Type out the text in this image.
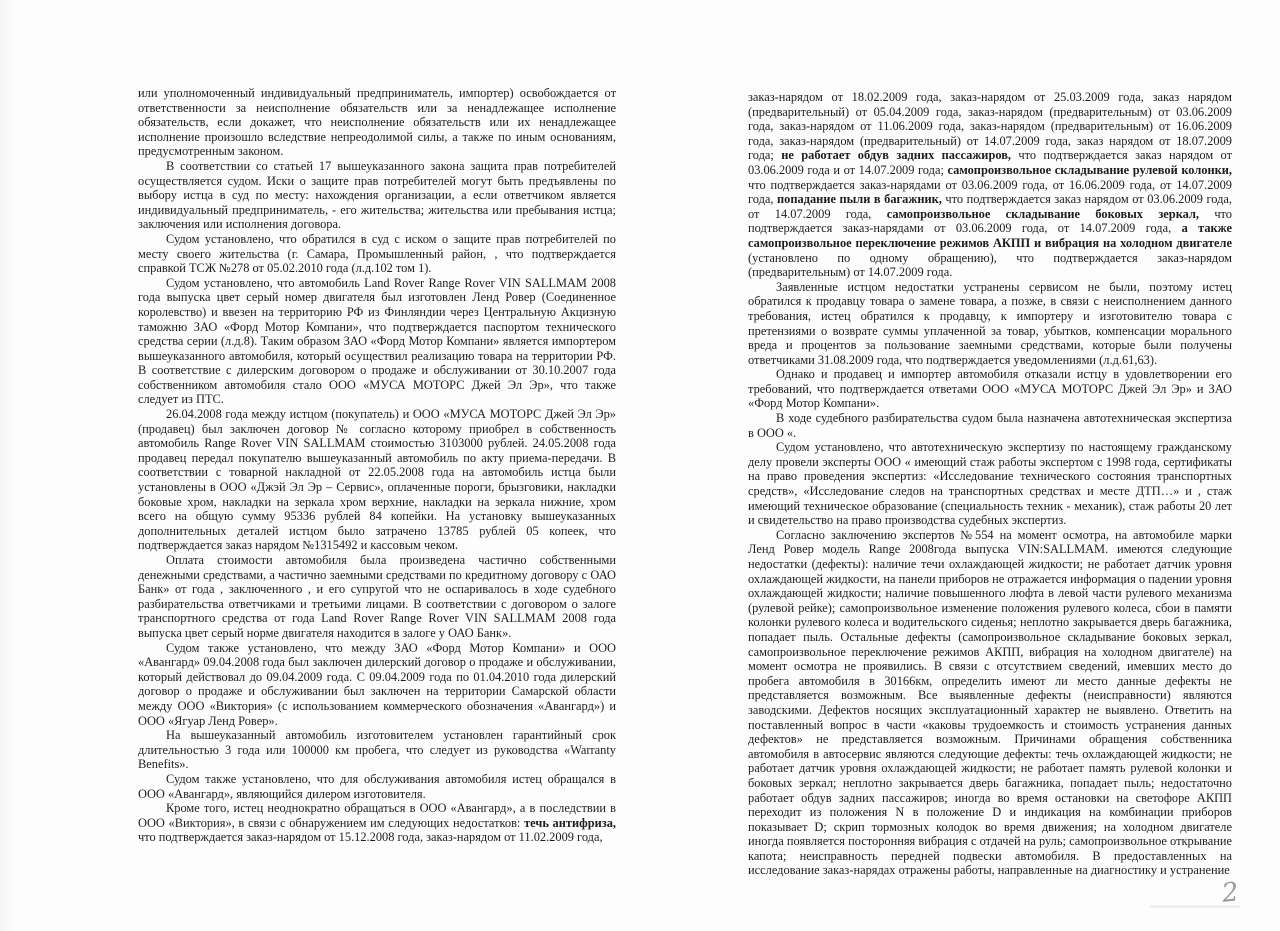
или уполномоченный индивидуальный предприниматель, импортер) освобождается от ответственности за неисполнение обязательств или за ненадлежащее исполнение обязательств, если докажет, что неисполнение обязательств или их ненадлежащее исполнение произошло вследствие непреодолимой силы, а также по иным основаниям, предусмотренным законом.

В соответствии со статьей 17 вышеуказанного закона защита прав потребителей осуществляется судом. Иски о защите прав потребителей могут быть предъявлены по выбору истца в суд по месту: нахождения организации, а если ответчиком является индивидуальный предприниматель, - его жительства; жительства или пребывания истца; заключения или исполнения договора.

Судом установлено, что обратился в суд с иском о защите прав потребителей по месту своего жительства (г. Самара, Промышленный район, , что подтверждается справкой ТСЖ №278 от 05.02.2010 года (л.д.102 том 1).

Судом установлено, что автомобиль Land Rover Range Rover VIN SALLMAM 2008 года выпуска цвет серый номер двигателя был изготовлен Ленд Ровер (Соединенное королевство) и ввезен на территорию РФ из Финляндии через Центральную Акцизную таможню ЗАО «Форд Мотор Компани», что подтверждается паспортом технического средства серии (л.д.8). Таким образом ЗАО «Форд Мотор Компани» является импортером вышеуказанного автомобиля, который осуществил реализацию товара на территории РФ. В соответствие с дилерским договором о продаже и обслуживании от 30.10.2007 года собственником автомобиля стало ООО «МУСА МОТОРС Джей Эл Эр», что также следует из ПТС.

26.04.2008 года между истцом (покупатель) и ООО «МУСА МОТОРС Джей Эл Эр» (продавец) был заключен договор № согласно которому приобрел в собственность автомобиль Range Rover VIN SALLMAM стоимостью 3103000 рублей. 24.05.2008 года продавец передал покупателю вышеуказанный автомобиль по акту приема-передачи. В соответствии с товарной накладной от 22.05.2008 года на автомобиль истца были установлены в ООО «Джэй Эл Эр – Сервис», оплаченные пороги, брызговики, накладки боковые хром, накладки на зеркала хром верхние, накладки на зеркала нижние, хром всего на общую сумму 95336 рублей 84 копейки. На установку вышеуказанных дополнительных деталей истцом было затрачено 13785 рублей 05 копеек, что подтверждается заказ нарядом №1315492 и кассовым чеком.

Оплата стоимости автомобиля была произведена частично собственными денежными средствами, а частично заемными средствами по кредитному договору с ОАО Банк» от года , заключенного , и его супругой что не оспаривалось в ходе судебного разбирательства ответчиками и третьими лицами. В соответствии с договором о залоге транспортного средства от года Land Rover Range Rover VIN SALLMAM 2008 года выпуска цвет серый норме двигателя находится в залоге у ОАО Банк».

Судом также установлено, что между ЗАО «Форд Мотор Компани» и ООО «Авангард» 09.04.2008 года был заключен дилерский договор о продаже и обслуживании, который действовал до 09.04.2009 года. С 09.04.2009 года по 01.04.2010 года дилерский договор о продаже и обслуживании был заключен на территории Самарской области между ООО «Виктория» (с использованием коммерческого обозначения «Авангард») и ООО «Ягуар Ленд Ровер».

На вышеуказанный автомобиль изготовителем установлен гарантийный срок длительностью 3 года или 100000 км пробега, что следует из руководства «Warranty Benefits».

Судом также установлено, что для обслуживания автомобиля истец обращался в ООО «Авангард», являющийся дилером изготовителя.

Кроме того, истец неоднократно обращаться в ООО «Авангард», а в последствии в ООО «Виктория», в связи с обнаружением им следующих недостатков: течь антифриза, что подтверждается заказ-нарядом от 15.12.2008 года, заказ-нарядом от 11.02.2009 года,

заказ-нарядом от 18.02.2009 года, заказ-нарядом от 25.03.2009 года, заказ нарядом (предварительный) от 05.04.2009 года, заказ-нарядом (предварительным) от 03.06.2009 года, заказ-нарядом от 11.06.2009 года, заказ-нарядом (предварительным) от 16.06.2009 года, заказ-нарядом (предварительный) от 14.07.2009 года, заказ нарядом от 18.07.2009 года; не работает обдув задних пассажиров, что подтверждается заказ нарядом от 03.06.2009 года и от 14.07.2009 года; самопроизвольное складывание рулевой колонки, что подтверждается заказ-нарядами от 03.06.2009 года, от 16.06.2009 года, от 14.07.2009 года, попадание пыли в багажник, что подтверждается заказ нарядом от 03.06.2009 года, от 14.07.2009 года, самопроизвольное складывание боковых зеркал, что подтверждается заказ-нарядами от 03.06.2009 года, от 14.07.2009 года, а также самопроизвольное переключение режимов АКПП и вибрация на холодном двигателе (установлено по одному обращению), что подтверждается заказ-нарядом (предварительным) от 14.07.2009 года.

Заявленные истцом недостатки устранены сервисом не были, поэтому истец обратился к продавцу товара о замене товара, а позже, в связи с неисполнением данного требования, истец обратился к продавцу, к импортеру и изготовителю товара с претензиями о возврате суммы уплаченной за товар, убытков, компенсации морального вреда и процентов за пользование заемными средствами, которые были получены ответчиками 31.08.2009 года, что подтверждается уведомлениями (л.д.61,63).

Однако и продавец и импортер автомобиля отказали истцу в удовлетворении его требований, что подтверждается ответами ООО «МУСА МОТОРС Джей Эл Эр» и ЗАО «Форд Мотор Компани».

В ходе судебного разбирательства судом была назначена автотехническая экспертиза в ООО «.

Судом установлено, что автотехническую экспертизу по настоящему гражданскому делу провели эксперты ООО « имеющий стаж работы экспертом с 1998 года, сертификаты на право проведения экспертиз: «Исследование технического состояния транспортных средств», «Исследование следов на транспортных средствах и месте ДТП…» и , стаж имеющий техническое образование (специальность техник - механик), стаж работы 20 лет и свидетельство на право производства судебных экспертиз.

Согласно заключению экспертов №554 на момент осмотра, на автомобиле марки Ленд Ровер модель Range 2008года выпуска VIN:SALLMAM. имеются следующие недостатки (дефекты): наличие течи охлаждающей жидкости; не работает датчик уровня охлаждающей жидкости, на панели приборов не отражается информация о падении уровня охлаждающей жидкости; наличие повышенного люфта в левой части рулевого механизма (рулевой рейке); самопроизвольное изменение положения рулевого колеса, сбои в памяти колонки рулевого колеса и водительского сиденья; неплотно закрывается дверь багажника, попадает пыль. Остальные дефекты (самопроизвольное складывание боковых зеркал, самопроизвольное переключение режимов АКПП, вибрация на холодном двигателе) на момент осмотра не проявились. В связи с отсутствием сведений, имевших место до пробега автомобиля в 30166км, определить имеют ли место данные дефекты не представляется возможным. Все выявленные дефекты (неисправности) являются заводскими. Дефектов носящих эксплуатационный характер не выявлено. Ответить на поставленный вопрос в части «каковы трудоемкость и стоимость устранения данных дефектов» не представляется возможным. Причинами обращения собственника автомобиля в автосервис являются следующие дефекты: течь охлаждающей жидкости; не работает датчик уровня охлаждающей жидкости; не работает память рулевой колонки и боковых зеркал; неплотно закрывается дверь багажника, попадает пыль; недостаточно работает обдув задних пассажиров; иногда во время остановки на светофоре АКПП переходит из положения N в положение D и индикация на комбинации приборов показывает D; скрип тормозных колодок во время движения; на холодном двигателе иногда появляется посторонняя вибрация с отдачей на руль; самопроизвольное открывание капота; неисправность передней подвески автомобиля. В предоставленных на исследование заказ-нарядах отражены работы, направленные на диагностику и устранение

2
